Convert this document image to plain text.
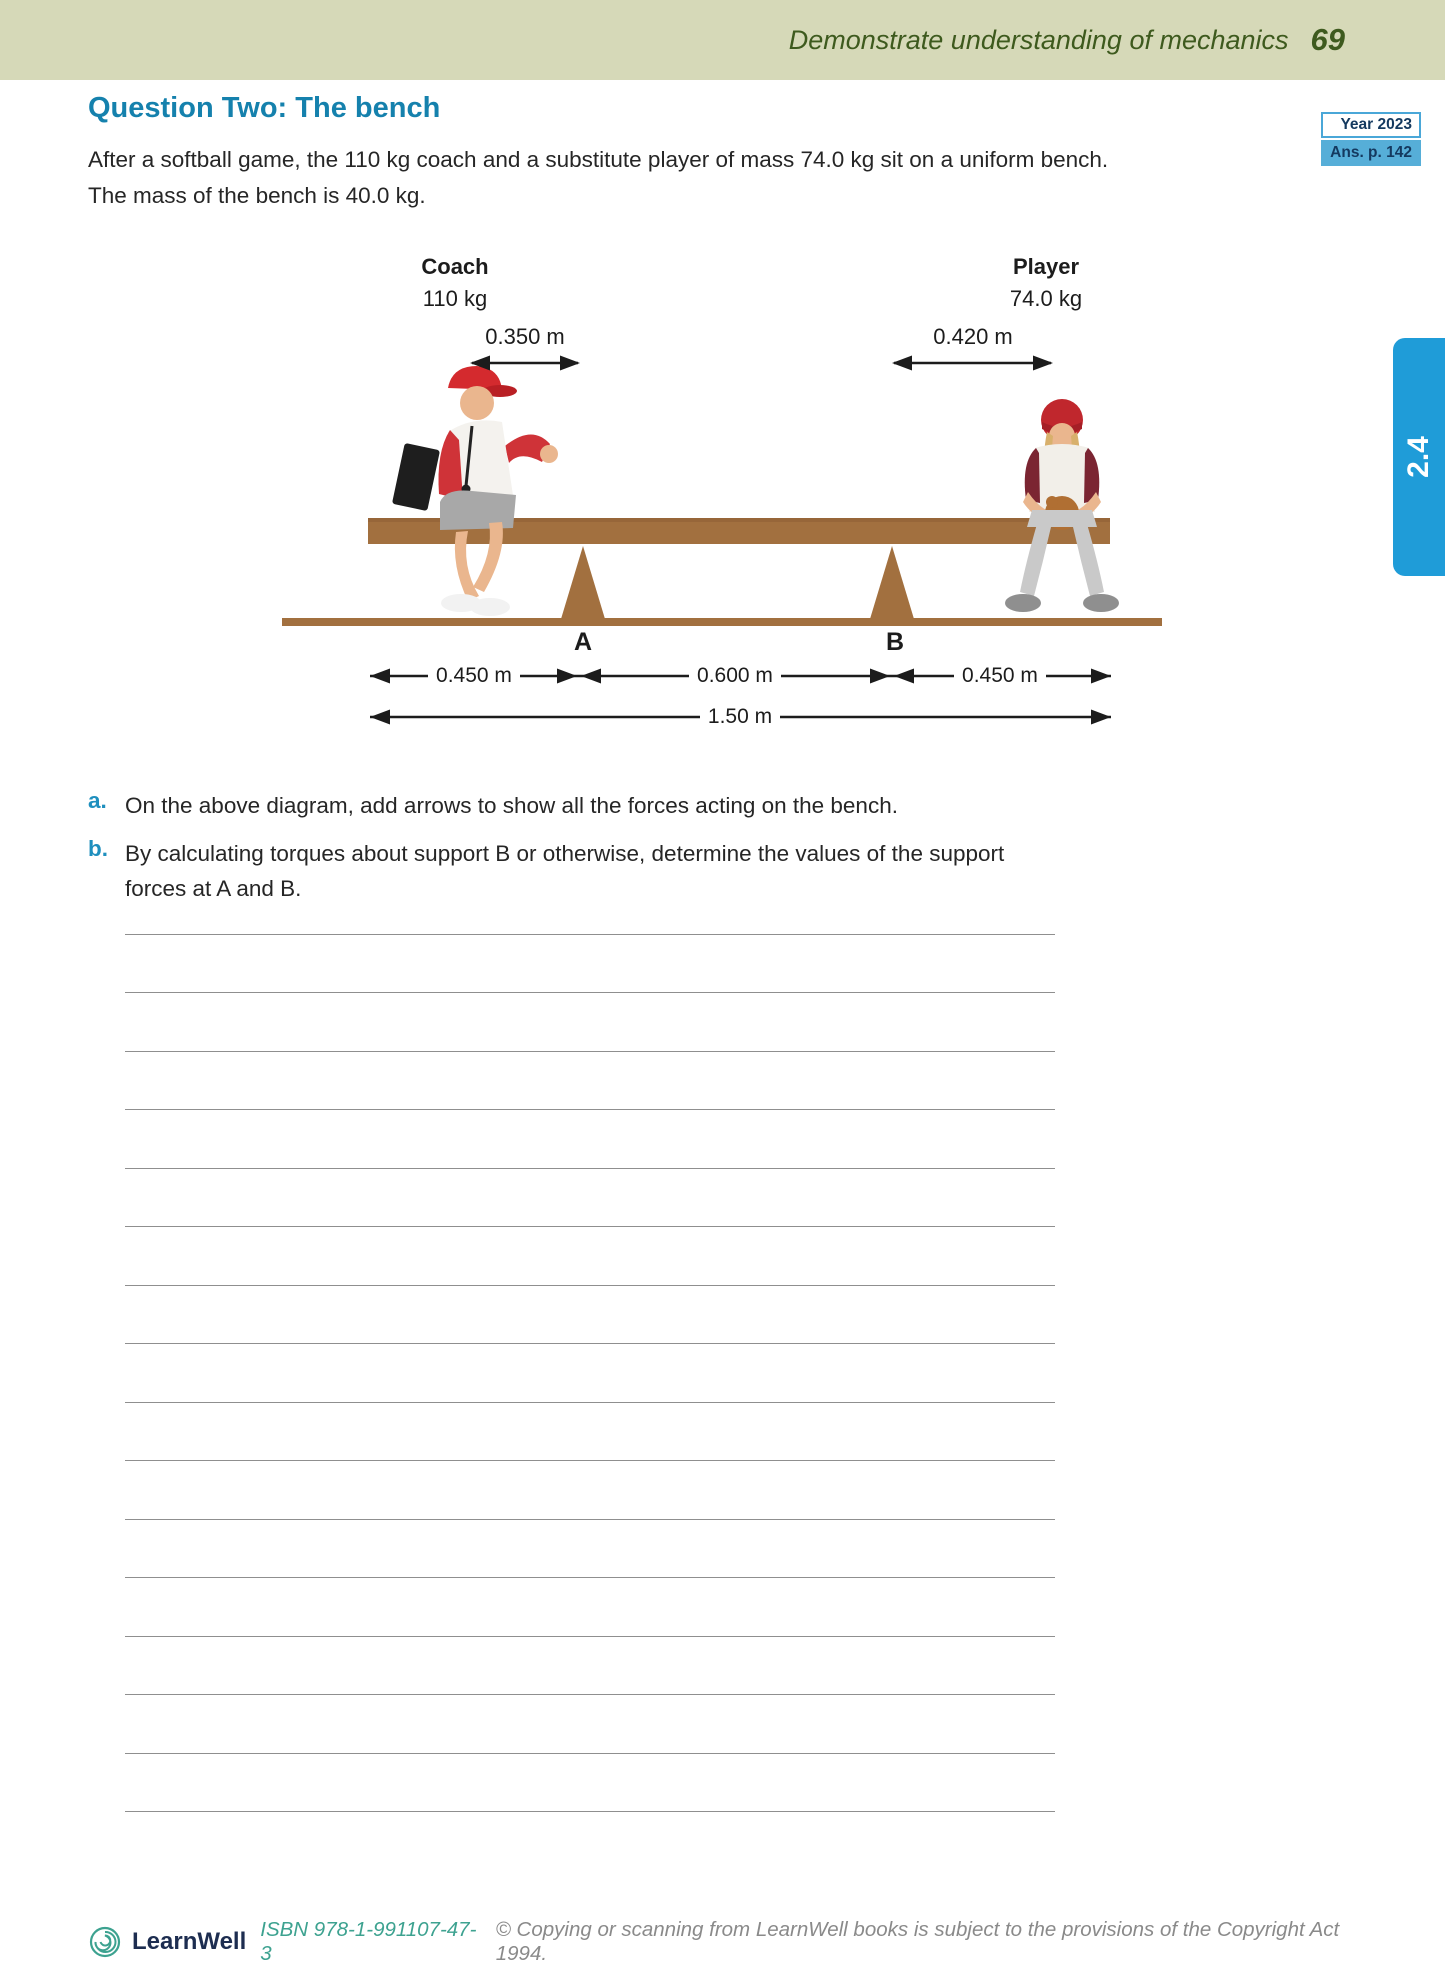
Demonstrate understanding of mechanics 69
Question Two: The bench
Year 2023
Ans. p. 142
After a softball game, the 110 kg coach and a substitute player of mass 74.0 kg sit on a uniform bench.
The mass of the bench is 40.0 kg.
Coach
110 kg
Player
74.0 kg
0.350 m	0.420 m
A	B
0.450 m	0.600 m	0.450 m
1.50 m
a. On the above diagram, add arrows to show all the forces acting on the bench.
b. By calculating torques about support B or otherwise, determine the values of the support forces at A and B.
2.4
LearnWell ISBN 978-1-991107-47-3
© Copying or scanning from LearnWell books is subject to the provisions of the Copyright Act 1994.
